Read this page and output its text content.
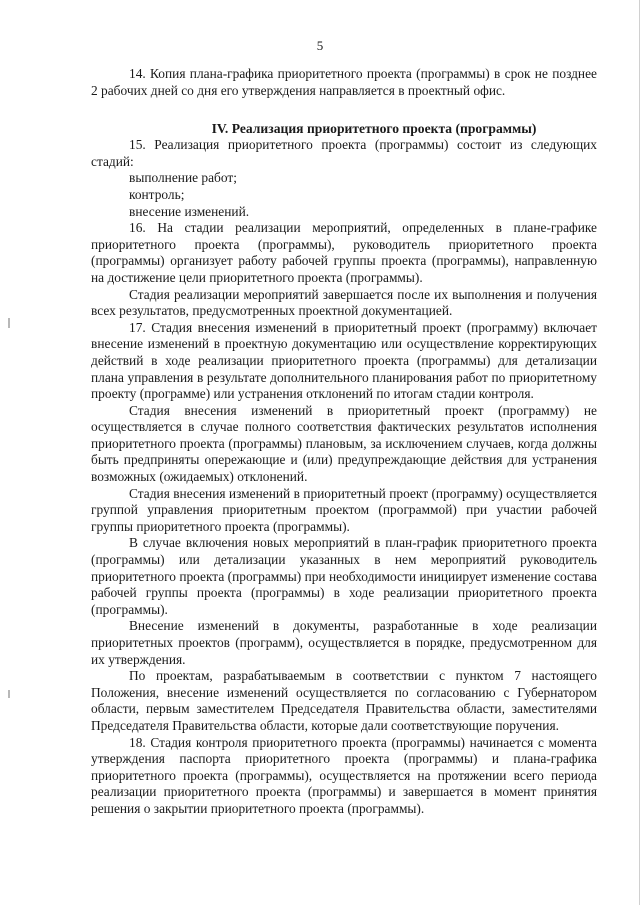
5

14. Копия плана-графика приоритетного проекта (программы) в срок не позднее 2 рабочих дней со дня его утверждения направляется в проектный офис.

IV. Реализация приоритетного проекта (программы)

15. Реализация приоритетного проекта (программы) состоит из следующих стадий:

выполнение работ;

контроль;

внесение изменений.

16. На стадии реализации мероприятий, определенных в плане-графике приоритетного проекта (программы), руководитель приоритетного проекта (программы) организует работу рабочей группы проекта (программы), направленную на достижение цели приоритетного проекта (программы).

Стадия реализации мероприятий завершается после их выполнения и получения всех результатов, предусмотренных проектной документацией.

17. Стадия внесения изменений в приоритетный проект (программу) включает внесение изменений в проектную документацию или осуществление корректирующих действий в ходе реализации приоритетного проекта (программы) для детализации плана управления в результате дополнительного планирования работ по приоритетному проекту (программе) или устранения отклонений по итогам стадии контроля.

Стадия внесения изменений в приоритетный проект (программу) не осуществляется в случае полного соответствия фактических результатов исполнения приоритетного проекта (программы) плановым, за исключением случаев, когда должны быть предприняты опережающие и (или) предупреждающие действия для устранения возможных (ожидаемых) отклонений.

Стадия внесения изменений в приоритетный проект (программу) осуществляется группой управления приоритетным проектом (программой) при участии рабочей группы приоритетного проекта (программы).

В случае включения новых мероприятий в план-график приоритетного проекта (программы) или детализации указанных в нем мероприятий руководитель приоритетного проекта (программы) при необходимости инициирует изменение состава рабочей группы проекта (программы) в ходе реализации приоритетного проекта (программы).

Внесение изменений в документы, разработанные в ходе реализации приоритетных проектов (программ), осуществляется в порядке, предусмотренном для их утверждения.

По проектам, разрабатываемым в соответствии с пунктом 7 настоящего Положения, внесение изменений осуществляется по согласованию с Губернатором области, первым заместителем Председателя Правительства области, заместителями Председателя Правительства области, которые дали соответствующие поручения.

18. Стадия контроля приоритетного проекта (программы) начинается с момента утверждения паспорта приоритетного проекта (программы) и плана-графика приоритетного проекта (программы), осуществляется на протяжении всего периода реализации приоритетного проекта (программы) и завершается в момент принятия решения о закрытии приоритетного проекта (программы).
